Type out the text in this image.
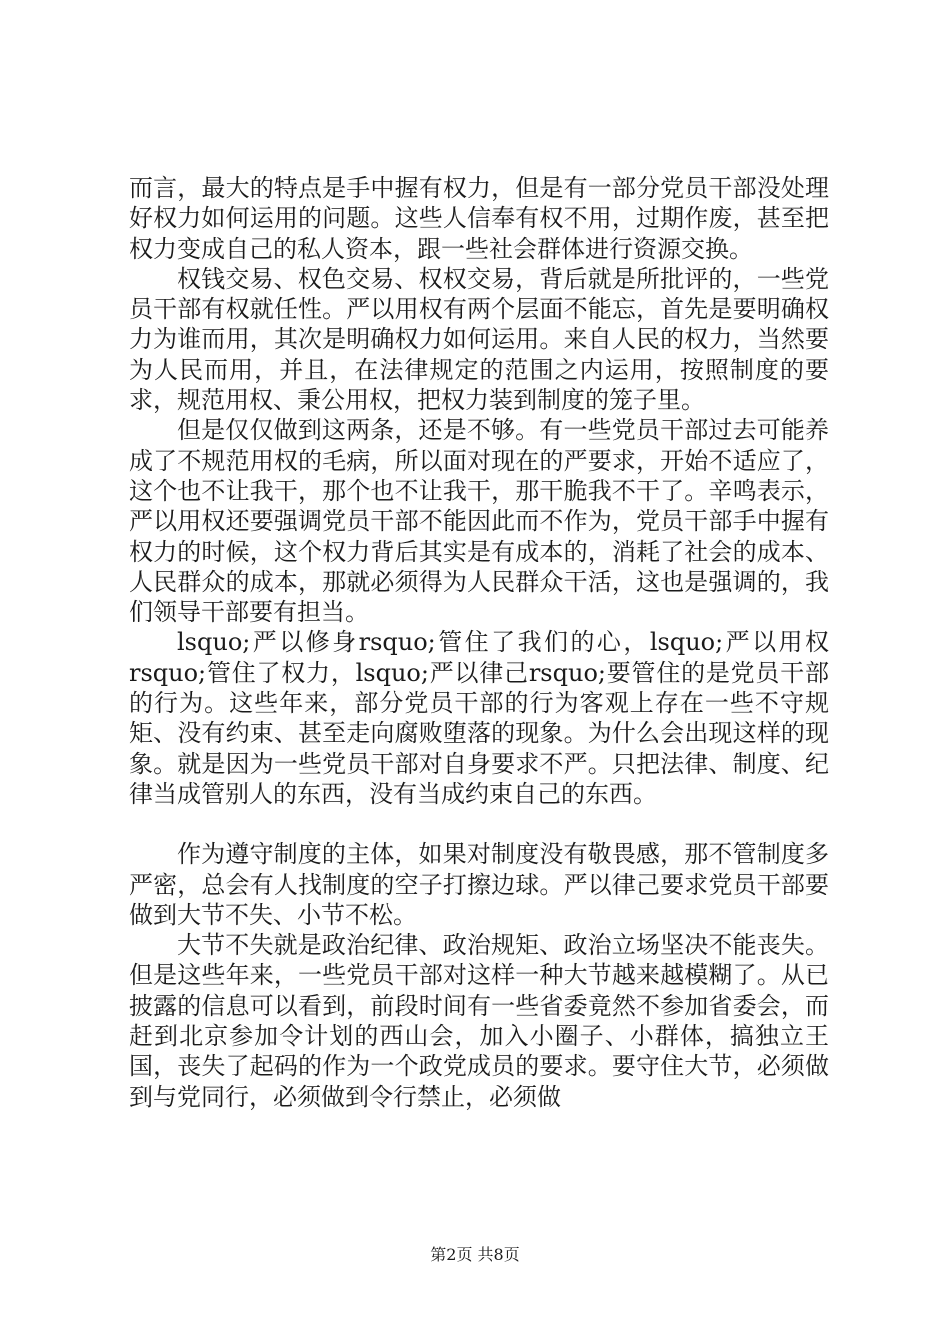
而言，最大的特点是手中握有权力，但是有一部分党员干部没处理好权力如何运用的问题。这些人信奉有权不用，过期作废，甚至把权力变成自己的私人资本，跟一些社会群体进行资源交换。

权钱交易、权色交易、权权交易，背后就是所批评的，一些党员干部有权就任性。严以用权有两个层面不能忘，首先是要明确权力为谁而用，其次是明确权力如何运用。来自人民的权力，当然要为人民而用，并且，在法律规定的范围之内运用，按照制度的要求，规范用权、秉公用权，把权力装到制度的笼子里。

但是仅仅做到这两条，还是不够。有一些党员干部过去可能养成了不规范用权的毛病，所以面对现在的严要求，开始不适应了，这个也不让我干，那个也不让我干，那干脆我不干了。辛鸣表示，严以用权还要强调党员干部不能因此而不作为，党员干部手中握有权力的时候，这个权力背后其实是有成本的，消耗了社会的成本、人民群众的成本，那就必须得为人民群众干活，这也是强调的，我们领导干部要有担当。

lsquo;严以修身rsquo;管住了我们的心，lsquo;严以用权rsquo;管住了权力，lsquo;严以律己rsquo;要管住的是党员干部的行为。这些年来，部分党员干部的行为客观上存在一些不守规矩、没有约束、甚至走向腐败堕落的现象。为什么会出现这样的现象。就是因为一些党员干部对自身要求不严。只把法律、制度、纪律当成管别人的东西，没有当成约束自己的东西。

作为遵守制度的主体，如果对制度没有敬畏感，那不管制度多严密，总会有人找制度的空子打擦边球。严以律己要求党员干部要做到大节不失、小节不松。

大节不失就是政治纪律、政治规矩、政治立场坚决不能丧失。但是这些年来，一些党员干部对这样一种大节越来越模糊了。从已披露的信息可以看到，前段时间有一些省委竟然不参加省委会，而赶到北京参加令计划的西山会，加入小圈子、小群体，搞独立王国，丧失了起码的作为一个政党成员的要求。要守住大节，必须做到与党同行，必须做到令行禁止，必须做

第2页 共8页
